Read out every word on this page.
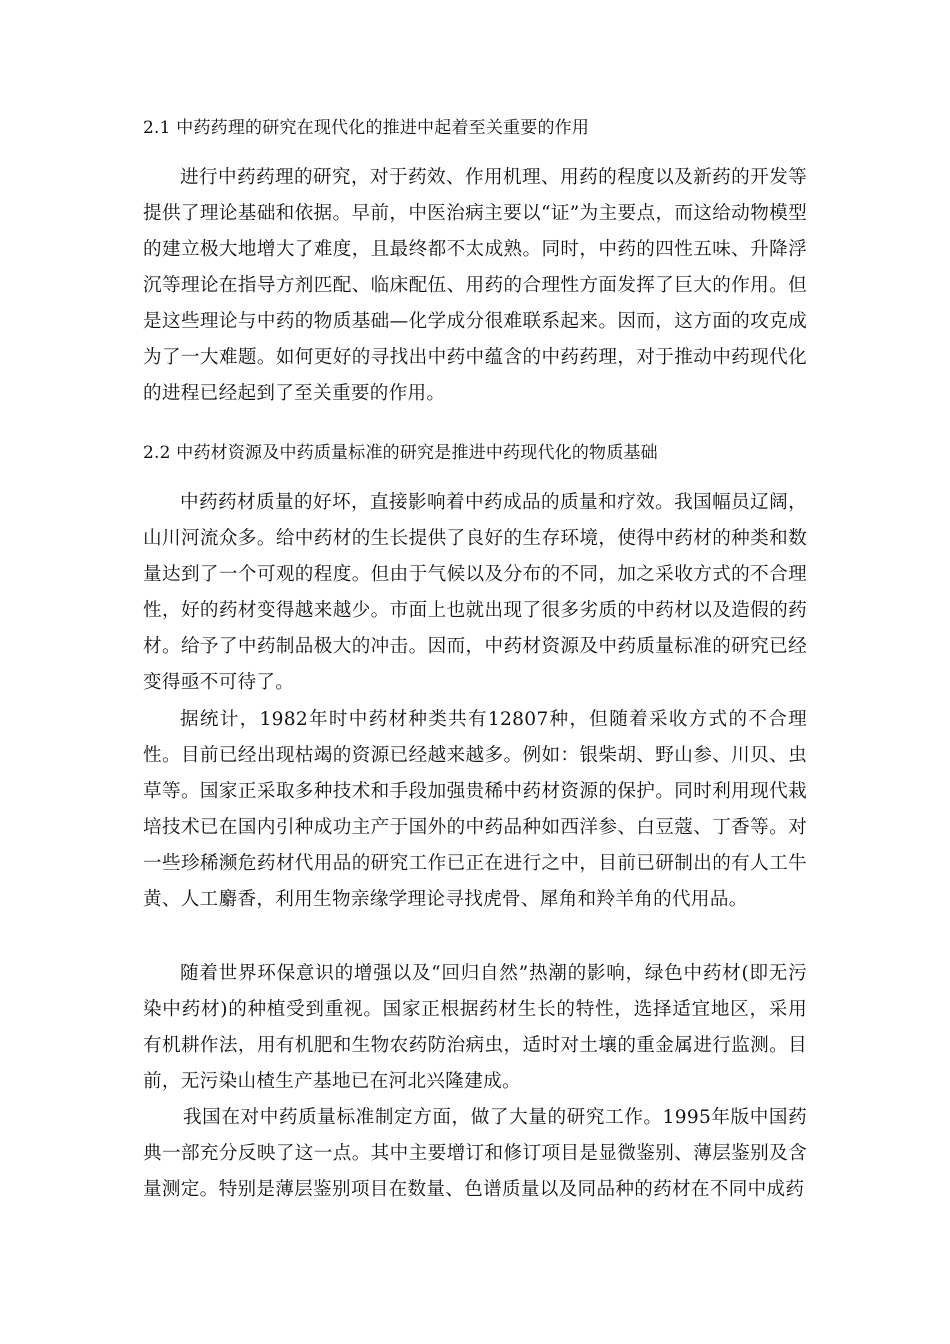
2.1 中药药理的研究在现代化的推进中起着至关重要的作用
进行中药药理的研究，对于药效、作用机理、用药的程度以及新药的开发等提供了理论基础和依据。早前，中医治病主要以“证”为主要点，而这给动物模型的建立极大地增大了难度，且最终都不太成熟。同时，中药的四性五味、升降浮沉等理论在指导方剂匹配、临床配伍、用药的合理性方面发挥了巨大的作用。但是这些理论与中药的物质基础—化学成分很难联系起来。因而，这方面的攻克成为了一大难题。如何更好的寻找出中药中蕴含的中药药理，对于推动中药现代化的进程已经起到了至关重要的作用。
2.2 中药材资源及中药质量标准的研究是推进中药现代化的物质基础
中药药材质量的好坏，直接影响着中药成品的质量和疗效。我国幅员辽阔，山川河流众多。给中药材的生长提供了良好的生存环境，使得中药材的种类和数量达到了一个可观的程度。但由于气候以及分布的不同，加之采收方式的不合理性，好的药材变得越来越少。市面上也就出现了很多劣质的中药材以及造假的药材。给予了中药制品极大的冲击。因而，中药材资源及中药质量标准的研究已经变得亟不可待了。
据统计，1982年时中药材种类共有12807种，但随着采收方式的不合理性。目前已经出现枯竭的资源已经越来越多。例如：银柴胡、野山参、川贝、虫草等。国家正采取多种技术和手段加强贵稀中药材资源的保护。同时利用现代栽培技术已在国内引种成功主产于国外的中药品种如西洋参、白豆蔻、丁香等。对一些珍稀濒危药材代用品的研究工作已正在进行之中，目前已研制出的有人工牛黄、人工麝香，利用生物亲缘学理论寻找虎骨、犀角和羚羊角的代用品。
随着世界环保意识的增强以及“回归自然”热潮的影响，绿色中药材(即无污染中药材)的种植受到重视。国家正根据药材生长的特性，选择适宜地区，采用有机耕作法，用有机肥和生物农药防治病虫，适时对土壤的重金属进行监测。目前，无污染山楂生产基地已在河北兴隆建成。
我国在对中药质量标准制定方面，做了大量的研究工作。1995年版中国药典一部充分反映了这一点。其中主要增订和修订项目是显微鉴别、薄层鉴别及含量测定。特别是薄层鉴别项目在数量、色谱质量以及同品种的药材在不同中成药
